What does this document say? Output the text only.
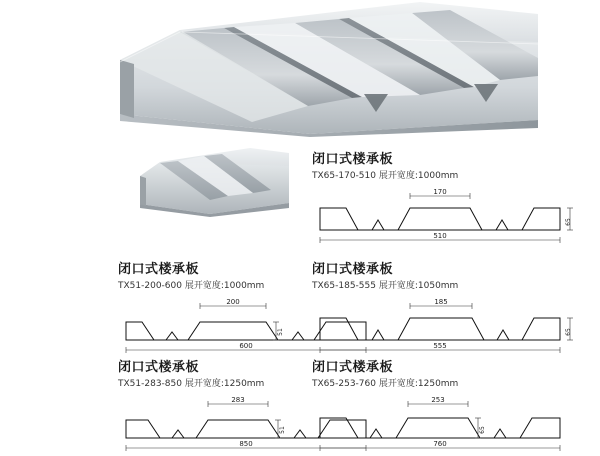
闭口式楼承板
TX65-170-510 展开宽度:1000mm
170
65
510
闭口式楼承板
TX51-200-600 展开宽度:1000mm
200
51
600
闭口式楼承板
TX65-185-555 展开宽度:1050mm
185
65
555
闭口式楼承板
TX51-283-850 展开宽度:1250mm
283
51
850
闭口式楼承板
TX65-253-760 展开宽度:1250mm
253
65
760
